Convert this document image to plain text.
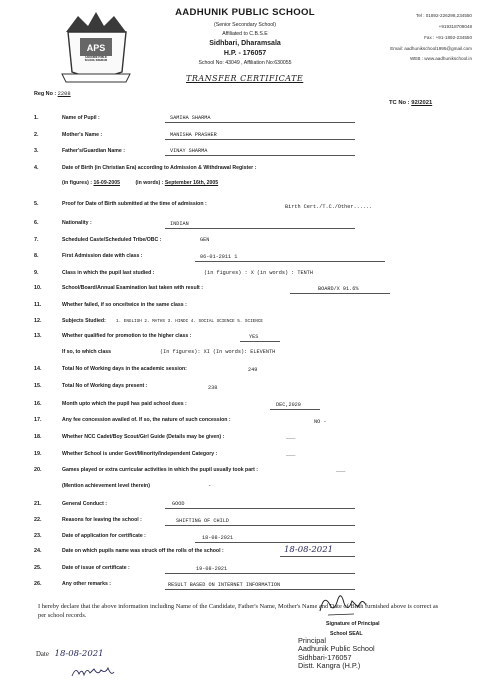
APS
AADHUNIK PUBLIC SCHOOL SIDHBARI
AADHUNIK PUBLIC SCHOOL
(Senior Secondary School)
Affiliated to C.B.S.E
Sidhbari, Dharamsala
H.P. - 176057
School No: 43049 , Affiliation No:630055
Tel : 01892-226298,234550
+919318709048
Fax : +91-1892-234550
Email: aadhunikschool1995@gmail.com
WEB : www.aadhunikschool.in
TRANSFER CERTIFICATE
Reg No : 2208
TC No : 92/2021
1.	Name of Pupil :	SAMIHA SHARMA
2.	Mother's Name :	MANISHA PRASHER
3.	Father's/Guardian Name :	VINAY SHARMA
4.	Date of Birth (in Christian Era) according to Admission & Withdrawal Register :
(in figures) : 16-09-2005	(in words) : September 16th, 2005
5.	Proof for Date of Birth submitted at the time of admission :	Birth Cert./T.C./Other......
6.	Nationality :	INDIAN
7.	Scheduled Caste/Scheduled Tribe/OBC :	GEN
8.	First Admission date with class :	06-01-2011 1
9.	Class in which the pupil last studied :	(in figures) : X (in words) : TENTH
10.	School/Board/Annual Examination last taken with result :	BOARD/X 91.6%
11.	Whether failed, if so once/twice in the same class :
12.	Subjects Studied: 1. ENGLISH 2. MATHS 3. HINDI 4. SOCIAL SCIENCE 5. SCIENCE
13.	Whether qualified for promotion to the higher class :	YES
If so, to which class	(In figures): XI (In words): ELEVENTH
14.	Total No of Working days in the academic session:	249
15.	Total No of Working days present :	238
16.	Month upto which the pupil has paid school dues :	DEC,2020
17.	Any fee concession availed of. If so, the nature of such concession :	NO -
18.	Whether NCC Cadet/Boy Scout/Girl Guide (Details may be given) :	___
19.	Whether School is under Govt/Minority/Independent Category :	___
20.	Games played or extra curricular activities in which the pupil usually took part :	___
(Mention achievement level therein)	-
21.	General Conduct :	GOOD
22.	Reasons for leaving the school :	SHIFTING OF CHILD
23.	Date of application for certificate :	18-08-2021
24.	Date on which pupils name was struck off the rolls of the school :	18-08-2021
25.	Date of issue of certificate :	19-08-2021
26.	Any other remarks :	RESULT BASED ON INTERNET INFORMATION
I hereby declare that the above information including Name of the Candidate, Father's Name, Mother's Name and Date of Birth furnished above is correct as per school records.
Date 18-08-2021
Signature of Principal
School SEAL
Principal
Aadhunik Public School
Sidhbari-176057
Distt. Kangra (H.P.)
